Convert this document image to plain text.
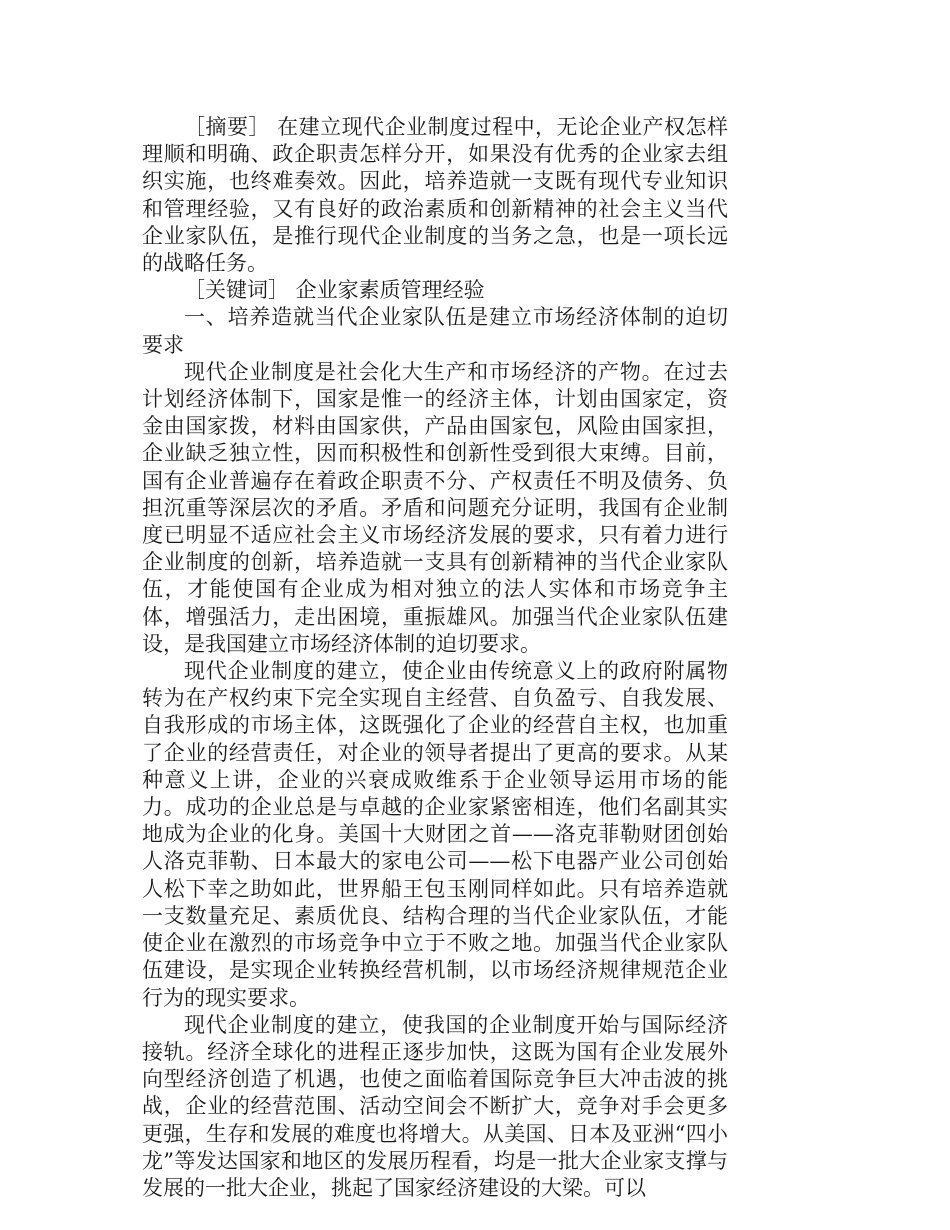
［摘要］ 在建立现代企业制度过程中，无论企业产权怎样理顺和明确、政企职责怎样分开，如果没有优秀的企业家去组织实施，也终难奏效。因此，培养造就一支既有现代专业知识和管理经验，又有良好的政治素质和创新精神的社会主义当代企业家队伍，是推行现代企业制度的当务之急，也是一项长远的战略任务。

［关键词］ 企业家素质管理经验

一、培养造就当代企业家队伍是建立市场经济体制的迫切要求

现代企业制度是社会化大生产和市场经济的产物。在过去计划经济体制下，国家是惟一的经济主体，计划由国家定，资金由国家拨，材料由国家供，产品由国家包，风险由国家担，企业缺乏独立性，因而积极性和创新性受到很大束缚。目前，国有企业普遍存在着政企职责不分、产权责任不明及债务、负担沉重等深层次的矛盾。矛盾和问题充分证明，我国有企业制度已明显不适应社会主义市场经济发展的要求，只有着力进行企业制度的创新，培养造就一支具有创新精神的当代企业家队伍，才能使国有企业成为相对独立的法人实体和市场竞争主体，增强活力，走出困境，重振雄风。加强当代企业家队伍建设，是我国建立市场经济体制的迫切要求。

现代企业制度的建立，使企业由传统意义上的政府附属物转为在产权约束下完全实现自主经营、自负盈亏、自我发展、自我形成的市场主体，这既强化了企业的经营自主权，也加重了企业的经营责任，对企业的领导者提出了更高的要求。从某种意义上讲，企业的兴衰成败维系于企业领导运用市场的能力。成功的企业总是与卓越的企业家紧密相连，他们名副其实地成为企业的化身。美国十大财团之首——洛克菲勒财团创始人洛克菲勒、日本最大的家电公司——松下电器产业公司创始人松下幸之助如此，世界船王包玉刚同样如此。只有培养造就一支数量充足、素质优良、结构合理的当代企业家队伍，才能使企业在激烈的市场竞争中立于不败之地。加强当代企业家队伍建设，是实现企业转换经营机制，以市场经济规律规范企业行为的现实要求。

现代企业制度的建立，使我国的企业制度开始与国际经济接轨。经济全球化的进程正逐步加快，这既为国有企业发展外向型经济创造了机遇，也使之面临着国际竞争巨大冲击波的挑战，企业的经营范围、活动空间会不断扩大，竞争对手会更多更强，生存和发展的难度也将增大。从美国、日本及亚洲“四小龙”等发达国家和地区的发展历程看，均是一批大企业家支撑与发展的一批大企业，挑起了国家经济建设的大梁。可以
